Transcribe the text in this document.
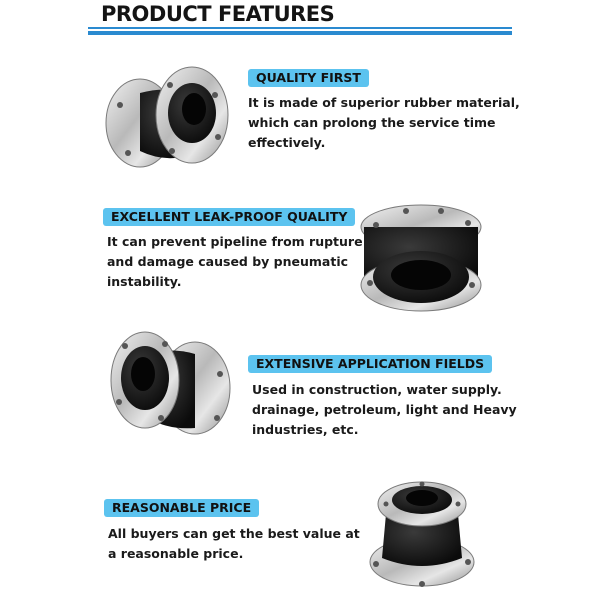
PRODUCT FEATURES
QUALITY FIRST

It is made of superior rubber material,
which can prolong the service time
effectively.

EXCELLENT LEAK-PROOF QUALITY

It can prevent pipeline from rupture
and damage caused by pneumatic
instability.

EXTENSIVE APPLICATION FIELDS

Used in construction, water supply.
drainage, petroleum, light and Heavy
industries, etc.

REASONABLE PRICE

All buyers can get the best value at
a reasonable price.
